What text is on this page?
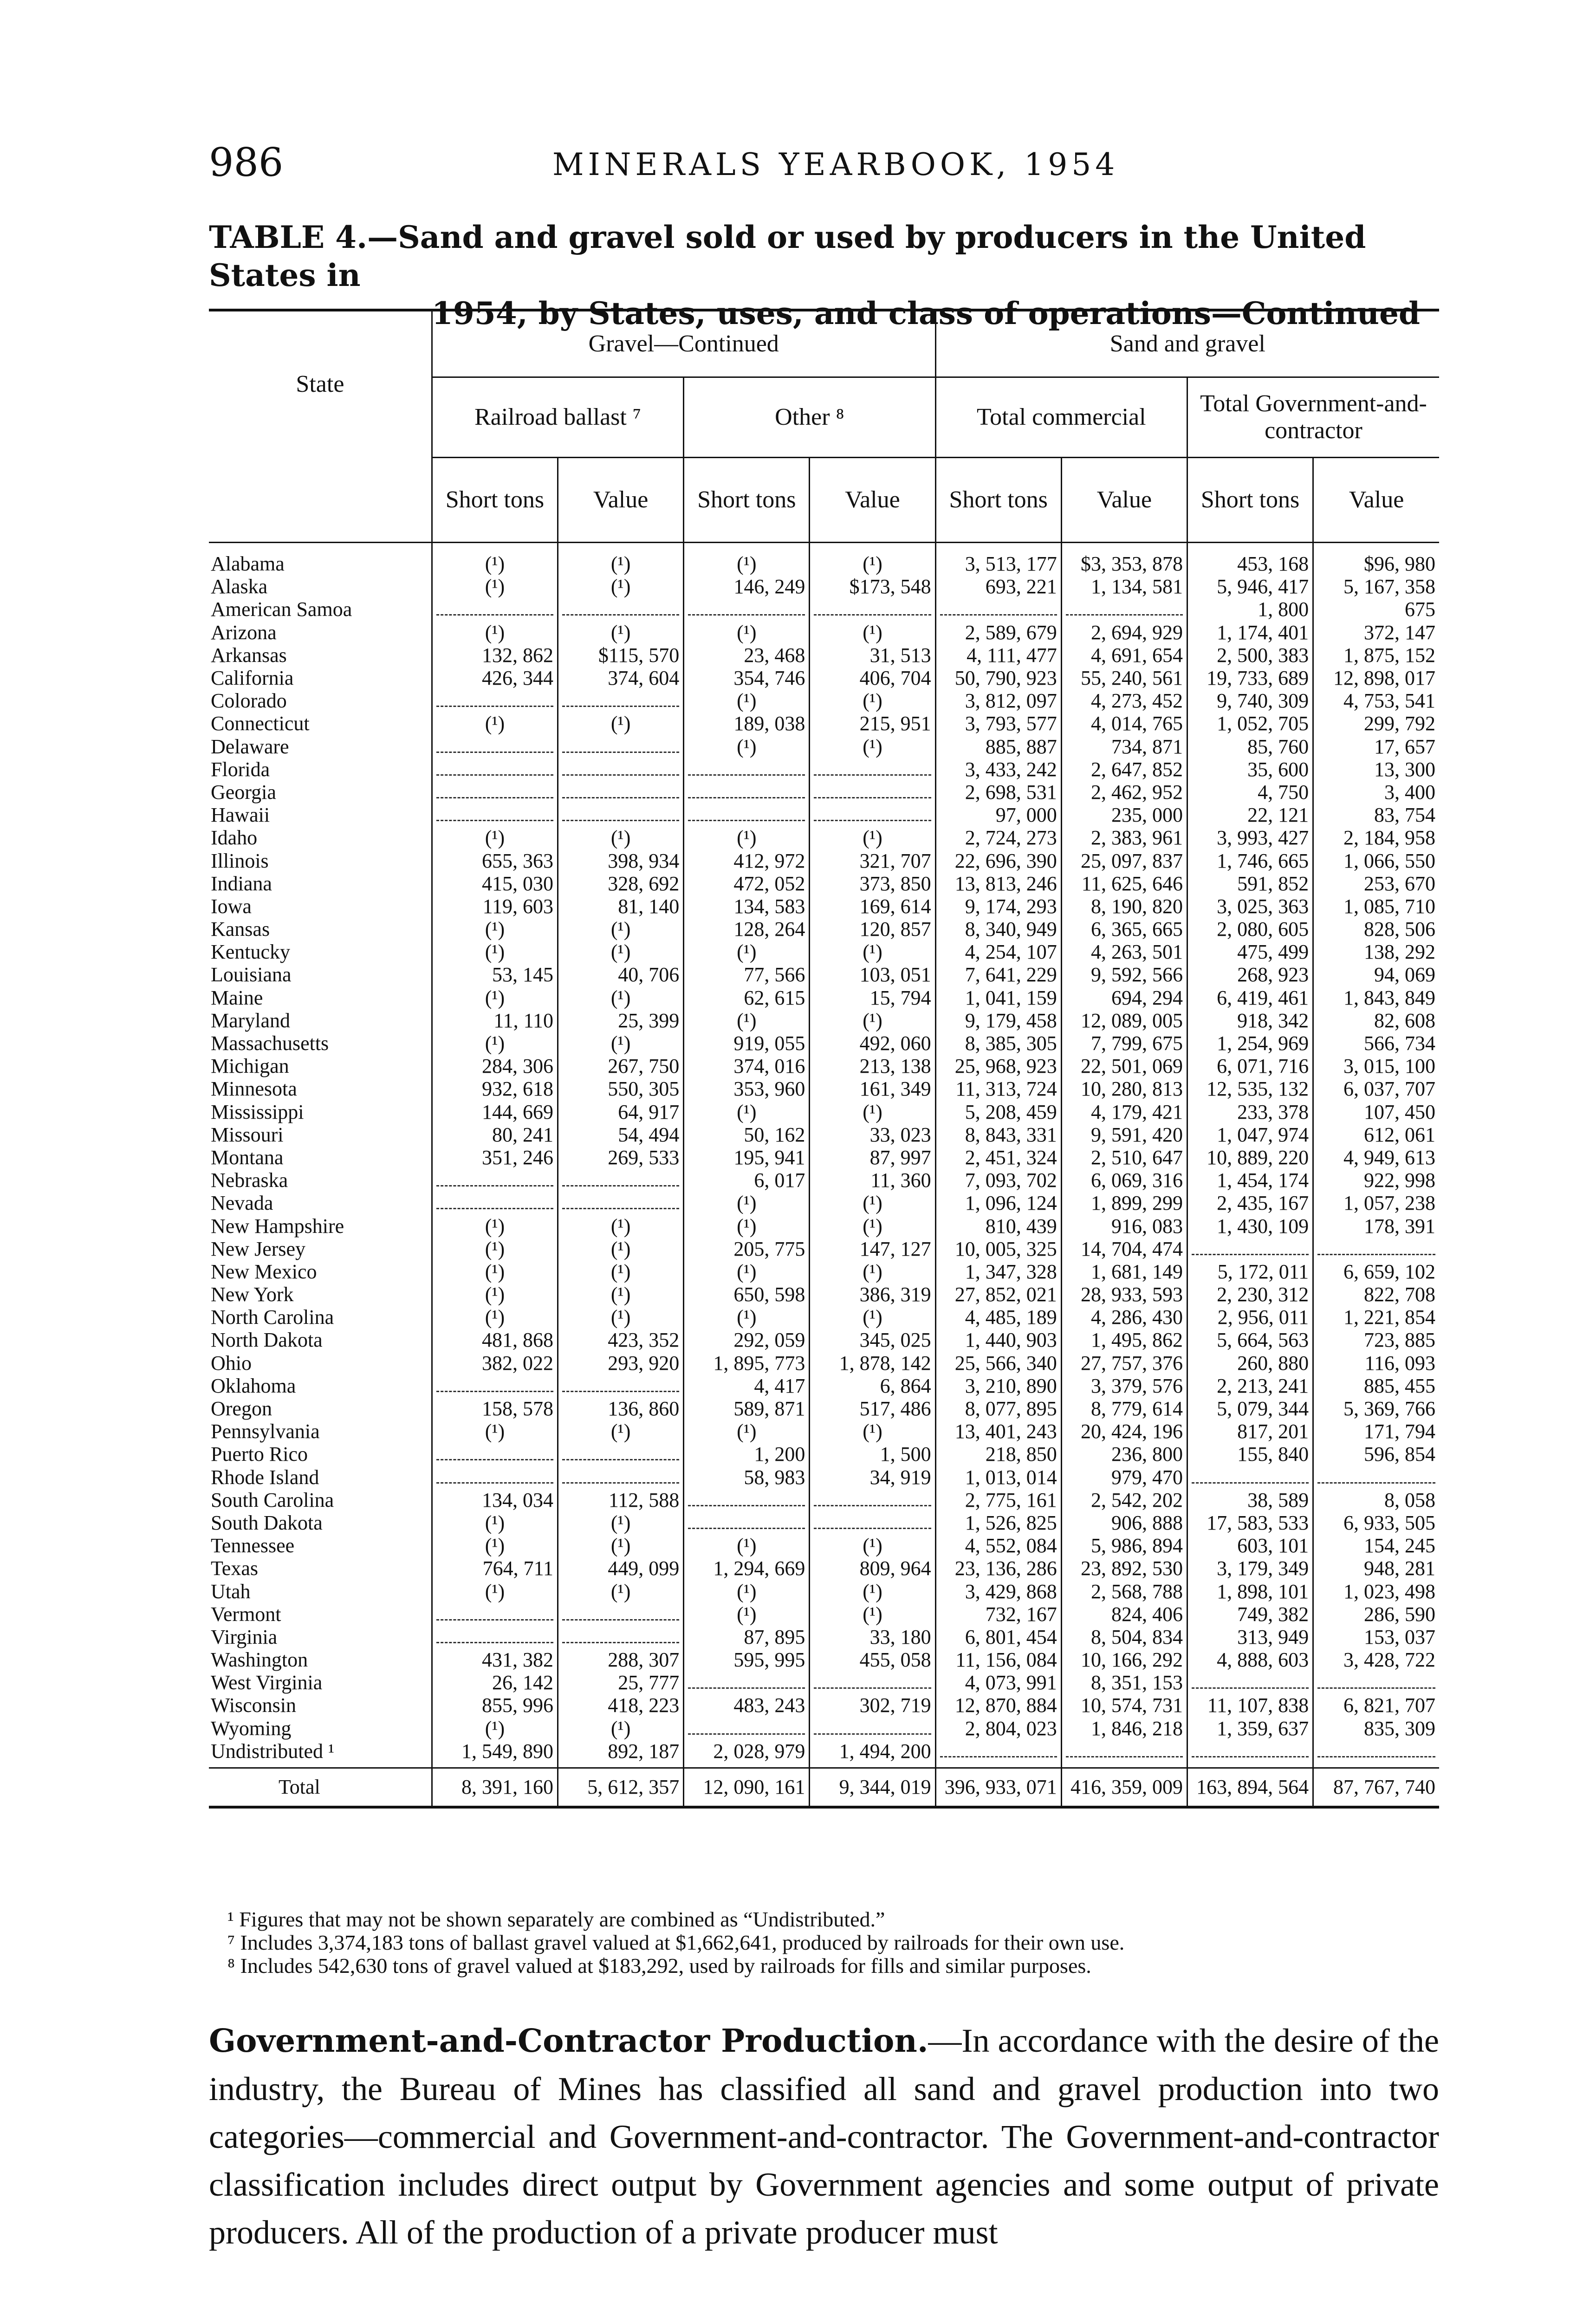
986	MINERALS YEARBOOK, 1954
TABLE 4.—Sand and gravel sold or used by producers in the United States in
1954, by States, uses, and class of operations—Continued
State	Gravel—Continued				Sand and gravel			
	Railroad ballast ⁷		Other ⁸		Total commercial		Total Government-and-contractor	
	Short tons	Value	Short tons	Value	Short tons	Value	Short tons	Value
Alabama	(¹)	(¹)	(¹)	(¹)	3, 513, 177	$3, 353, 878	453, 168	$96, 980
Alaska	(¹)	(¹)	146, 249	$173, 548	693, 221	1, 134, 581	5, 946, 417	5, 167, 358
American Samoa							1, 800	675
Arizona	(¹)	(¹)	(¹)	(¹)	2, 589, 679	2, 694, 929	1, 174, 401	372, 147
Arkansas	132, 862	$115, 570	23, 468	31, 513	4, 111, 477	4, 691, 654	2, 500, 383	1, 875, 152
California	426, 344	374, 604	354, 746	406, 704	50, 790, 923	55, 240, 561	19, 733, 689	12, 898, 017
Colorado			(¹)	(¹)	3, 812, 097	4, 273, 452	9, 740, 309	4, 753, 541
Connecticut	(¹)	(¹)	189, 038	215, 951	3, 793, 577	4, 014, 765	1, 052, 705	299, 792
Delaware			(¹)	(¹)	885, 887	734, 871	85, 760	17, 657
Florida					3, 433, 242	2, 647, 852	35, 600	13, 300
Georgia					2, 698, 531	2, 462, 952	4, 750	3, 400
Hawaii					97, 000	235, 000	22, 121	83, 754
Idaho	(¹)	(¹)	(¹)	(¹)	2, 724, 273	2, 383, 961	3, 993, 427	2, 184, 958
Illinois	655, 363	398, 934	412, 972	321, 707	22, 696, 390	25, 097, 837	1, 746, 665	1, 066, 550
Indiana	415, 030	328, 692	472, 052	373, 850	13, 813, 246	11, 625, 646	591, 852	253, 670
Iowa	119, 603	81, 140	134, 583	169, 614	9, 174, 293	8, 190, 820	3, 025, 363	1, 085, 710
Kansas	(¹)	(¹)	128, 264	120, 857	8, 340, 949	6, 365, 665	2, 080, 605	828, 506
Kentucky	(¹)	(¹)	(¹)	(¹)	4, 254, 107	4, 263, 501	475, 499	138, 292
Louisiana	53, 145	40, 706	77, 566	103, 051	7, 641, 229	9, 592, 566	268, 923	94, 069
Maine	(¹)	(¹)	62, 615	15, 794	1, 041, 159	694, 294	6, 419, 461	1, 843, 849
Maryland	11, 110	25, 399	(¹)	(¹)	9, 179, 458	12, 089, 005	918, 342	82, 608
Massachusetts	(¹)	(¹)	919, 055	492, 060	8, 385, 305	7, 799, 675	1, 254, 969	566, 734
Michigan	284, 306	267, 750	374, 016	213, 138	25, 968, 923	22, 501, 069	6, 071, 716	3, 015, 100
Minnesota	932, 618	550, 305	353, 960	161, 349	11, 313, 724	10, 280, 813	12, 535, 132	6, 037, 707
Mississippi	144, 669	64, 917	(¹)	(¹)	5, 208, 459	4, 179, 421	233, 378	107, 450
Missouri	80, 241	54, 494	50, 162	33, 023	8, 843, 331	9, 591, 420	1, 047, 974	612, 061
Montana	351, 246	269, 533	195, 941	87, 997	2, 451, 324	2, 510, 647	10, 889, 220	4, 949, 613
Nebraska			6, 017	11, 360	7, 093, 702	6, 069, 316	1, 454, 174	922, 998
Nevada			(¹)	(¹)	1, 096, 124	1, 899, 299	2, 435, 167	1, 057, 238
New Hampshire	(¹)	(¹)	(¹)	(¹)	810, 439	916, 083	1, 430, 109	178, 391
New Jersey	(¹)	(¹)	205, 775	147, 127	10, 005, 325	14, 704, 474	

New Mexico	(¹)	(¹)	(¹)	(¹)	1, 347, 328	1, 681, 149	5, 172, 011	6, 659, 102
New York	(¹)	(¹)	650, 598	386, 319	27, 852, 021	28, 933, 593	2, 230, 312	822, 708
North Carolina	(¹)	(¹)	(¹)	(¹)	4, 485, 189	4, 286, 430	2, 956, 011	1, 221, 854
North Dakota	481, 868	423, 352	292, 059	345, 025	1, 440, 903	1, 495, 862	5, 664, 563	723, 885
Ohio	382, 022	293, 920	1, 895, 773	1, 878, 142	25, 566, 340	27, 757, 376	260, 880	116, 093
Oklahoma			4, 417	6, 864	3, 210, 890	3, 379, 576	2, 213, 241	885, 455
Oregon	158, 578	136, 860	589, 871	517, 486	8, 077, 895	8, 779, 614	5, 079, 344	5, 369, 766
Pennsylvania	(¹)	(¹)	(¹)	(¹)	13, 401, 243	20, 424, 196	817, 201	171, 794
Puerto Rico			1, 200	1, 500	218, 850	236, 800	155, 840	596, 854
Rhode Island			58, 983	34, 919	1, 013, 014	979, 470	

South Carolina	134, 034	112, 588			2, 775, 161	2, 542, 202	38, 589	8, 058
South Dakota	(¹)	(¹)			1, 526, 825	906, 888	17, 583, 533	6, 933, 505
Tennessee	(¹)	(¹)	(¹)	(¹)	4, 552, 084	5, 986, 894	603, 101	154, 245
Texas	764, 711	449, 099	1, 294, 669	809, 964	23, 136, 286	23, 892, 530	3, 179, 349	948, 281
Utah	(¹)	(¹)	(¹)	(¹)	3, 429, 868	2, 568, 788	1, 898, 101	1, 023, 498
Vermont			(¹)	(¹)	732, 167	824, 406	749, 382	286, 590
Virginia			87, 895	33, 180	6, 801, 454	8, 504, 834	313, 949	153, 037
Washington	431, 382	288, 307	595, 995	455, 058	11, 156, 084	10, 166, 292	4, 888, 603	3, 428, 722
West Virginia	26, 142	25, 777			4, 073, 991	8, 351, 153	

Wisconsin	855, 996	418, 223	483, 243	302, 719	12, 870, 884	10, 574, 731	11, 107, 838	6, 821, 707
Wyoming	(¹)	(¹)			2, 804, 023	1, 846, 218	1, 359, 637	835, 309
Undistributed ¹	1, 549, 890	892, 187	2, 028, 979	1, 494, 200	

Total	8, 391, 160	5, 612, 357	12, 090, 161	9, 344, 019	396, 933, 071	416, 359, 009	163, 894, 564	87, 767, 740

¹ Figures that may not be shown separately are combined as “Undistributed.”

⁷ Includes 3,374,183 tons of ballast gravel valued at $1,662,641, produced by railroads for their own use.

⁸ Includes 542,630 tons of gravel valued at $183,292, used by railroads for fills and similar purposes.

Government-and-Contractor Production.—In accordance with the desire of the industry, the Bureau of Mines has classified all sand and gravel production into two categories—commercial and Government-and-contractor. The Government-and-contractor classification includes direct output by Government agencies and some output of private producers. All of the production of a private producer must
